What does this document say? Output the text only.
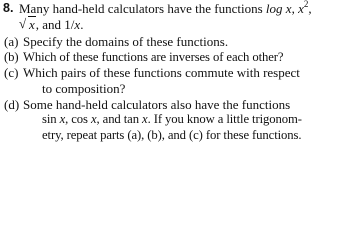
8. Many hand-held calculators have the functions log x, $x^2$,
√ x, and 1/x.
(a) Specify the domains of these functions.
(b) Which of these functions are inverses of each other?
(c) Which pairs of these functions commute with respect
to composition?
(d) Some hand-held calculators also have the functions
sin x, cos x, and tan x. If you know a little trigonom-
etry, repeat parts (a), (b), and (c) for these functions.
